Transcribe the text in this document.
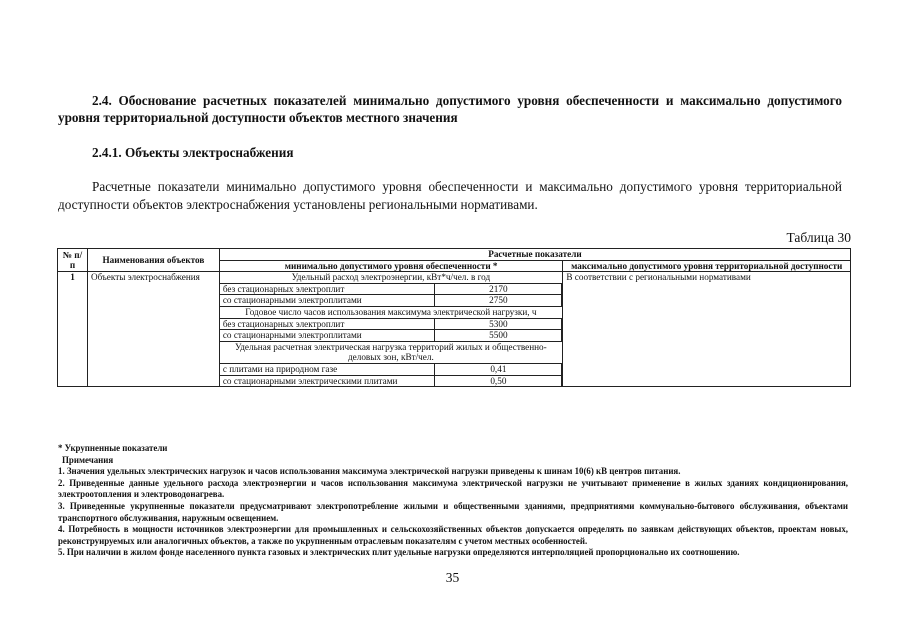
2.4. Обоснование расчетных показателей минимально допустимого уровня обеспеченности и максимально допустимого уровня территориальной доступности объектов местного значения
2.4.1. Объекты электроснабжения
Расчетные показатели минимально допустимого уровня обеспеченности и максимально допустимого уровня территориальной доступности объектов электроснабжения установлены региональными нормативами.
Таблица 30
№ п/п	Наименования объектов	Расчетные показатели
минимально допустимого уровня обеспеченности *	максимально допустимого уровня территориальной доступности
1	Объекты электроснабжения		Удельный расход электроэнергии, кВт*ч/чел. в год
без стационарных электроплит	2170
со стационарными электроплитами	2750
Годовое число часов использования максимума электрической нагрузки, ч
без стационарных электроплит	5300
со стационарными электроплитами	5500
Удельная расчетная электрическая нагрузка территорий жилых и общественно-деловых зон, кВт/чел.
с плитами на природном газе	0,41
со стационарными электрическими плитами	0,50
	В соответствии с региональными нормативами
* Укрупненные показатели
Примечания
1. Значения удельных электрических нагрузок и часов использования максимума электрической нагрузки приведены к шинам 10(6) кВ центров питания.
2. Приведенные данные удельного расхода электроэнергии и часов использования максимума электрической нагрузки не учитывают применение в жилых зданиях кондиционирования, электроотопления и электроводонагрева.
3. Приведенные укрупненные показатели предусматривают электропотребление жилыми и общественными зданиями, предприятиями коммунально-бытового обслуживания, объектами транспортного обслуживания, наружным освещением.
4. Потребность в мощности источников электроэнергии для промышленных и сельскохозяйственных объектов допускается определять по заявкам действующих объектов, проектам новых, реконструируемых или аналогичных объектов, а также по укрупненным отраслевым показателям с учетом местных особенностей.
5. При наличии в жилом фонде населенного пункта газовых и электрических плит удельные нагрузки определяются интерполяцией пропорционально их соотношению.
35
